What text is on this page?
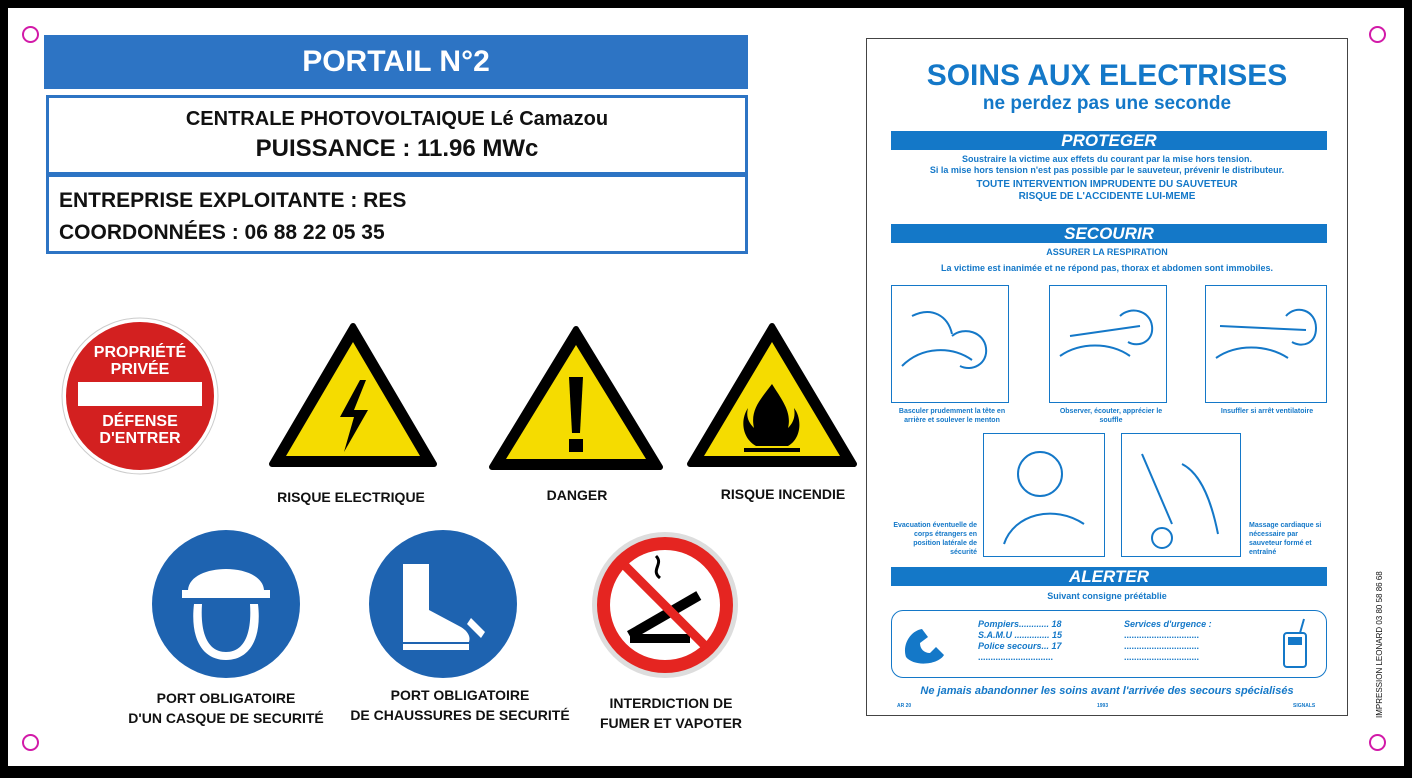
PORTAIL N°2
CENTRALE PHOTOVOLTAIQUE Lé Camazou
PUISSANCE : 11.96 MWc
ENTREPRISE EXPLOITANTE : RES
COORDONNÉES : 06 88 22 05 35
PROPRIÉTÉ
PRIVÉE
DÉFENSE
D'ENTRER
RISQUE ELECTRIQUE	DANGER	RISQUE INCENDIE
PORT OBLIGATOIRE
D'UN CASQUE DE SECURITÉ
PORT OBLIGATOIRE
DE CHAUSSURES DE SECURITÉ
INTERDICTION DE
FUMER ET VAPOTER
SOINS AUX ELECTRISES
ne perdez pas une seconde
PROTEGER
Soustraire la victime aux effets du courant par la mise hors tension.
Si la mise hors tension n'est pas possible par le sauveteur, prévenir le distributeur.
TOUTE INTERVENTION IMPRUDENTE DU SAUVETEUR
RISQUE DE L'ACCIDENTE LUI-MEME
SECOURIR
ASSURER LA RESPIRATION
La victime est inanimée et ne répond pas, thorax et abdomen sont immobiles.
Basculer prudemment la tête en arrière et soulever le menton
Observer, écouter, apprécier le souffle
Insuffler si arrêt ventilatoire
Evacuation éventuelle de corps étrangers en position latérale de sécurité
Massage cardiaque si nécessaire par sauveteur formé et entraîné
ALERTER
Suivant consigne préétablie
Pompiers............ 18
S.A.M.U .............. 15
Police secours... 17
..............................
Services d'urgence :
..............................
..............................
..............................
Ne jamais abandonner les soins avant l'arrivée des secours spécialisés
AR 20	1993	SIGNALS	IMPRESSION LEONARD 03 80 58 86 68
